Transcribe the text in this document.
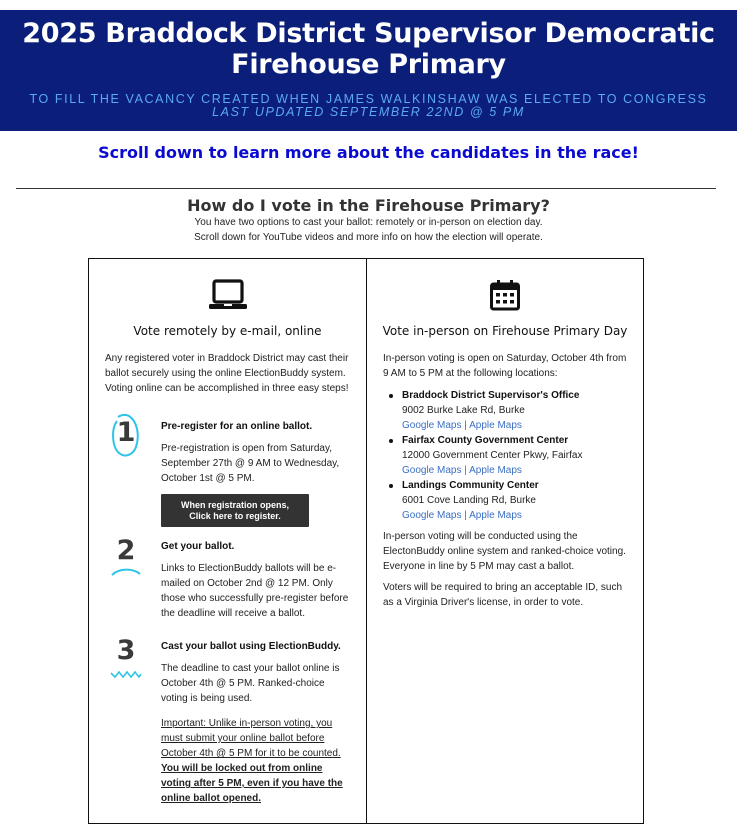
2025 Braddock District Supervisor Democratic
Firehouse Primary
TO FILL THE VACANCY CREATED WHEN JAMES WALKINSHAW WAS ELECTED TO CONGRESS
LAST UPDATED SEPTEMBER 22ND @ 5 PM
Scroll down to learn more about the candidates in the race!
How do I vote in the Firehouse Primary?
You have two options to cast your ballot: remotely or in-person on election day.
Scroll down for YouTube videos and more info on how the election will operate.
Vote remotely by e-mail, online
Any registered voter in Braddock District may cast their ballot securely using the online ElectionBuddy system. Voting online can be accomplished in three easy steps!
1	Pre-register for an online ballot.
Pre-registration is open from Saturday, September 27th @ 9 AM to Wednesday, October 1st @ 5 PM.
When registration opens,
Click here to register.
2	Get your ballot.
Links to ElectionBuddy ballots will be e-mailed on October 2nd @ 12 PM. Only those who successfully pre-register before the deadline will receive a ballot.
3	Cast your ballot using ElectionBuddy.
The deadline to cast your ballot online is October 4th @ 5 PM. Ranked-choice voting is being used.
Important: Unlike in-person voting, you must submit your online ballot before October 4th @ 5 PM for it to be counted. You will be locked out from online voting after 5 PM, even if you have the online ballot opened.
Vote in-person on Firehouse Primary Day
In-person voting is open on Saturday, October 4th from 9 AM to 5 PM at the following locations:
Braddock District Supervisor's Office
9002 Burke Lake Rd, Burke
Google Maps | Apple Maps
Fairfax County Government Center
12000 Government Center Pkwy, Fairfax
Google Maps | Apple Maps
Landings Community Center
6001 Cove Landing Rd, Burke
Google Maps | Apple Maps
In-person voting will be conducted using the ElectonBuddy online system and ranked-choice voting. Everyone in line by 5 PM may cast a ballot.
Voters will be required to bring an acceptable ID, such as a Virginia Driver's license, in order to vote.
